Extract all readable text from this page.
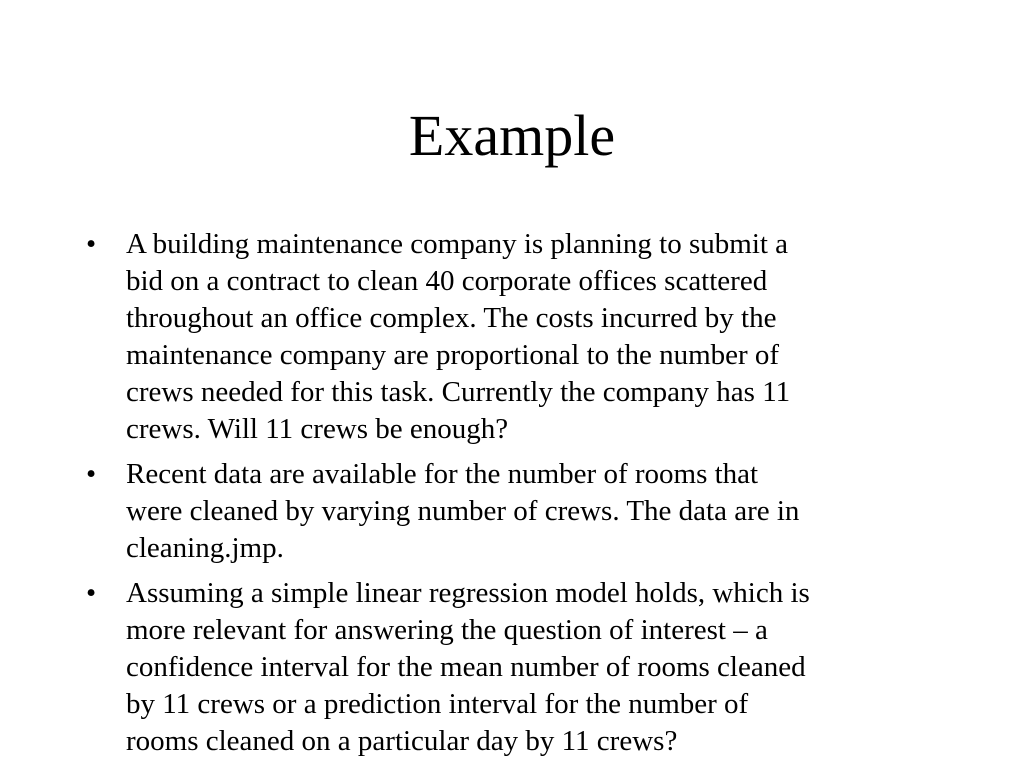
Example
•	A building maintenance company is planning to submit a
bid on a contract to clean 40 corporate offices scattered
throughout an office complex. The costs incurred by the
maintenance company are proportional to the number of
crews needed for this task. Currently the company has 11
crews. Will 11 crews be enough?
•	Recent data are available for the number of rooms that
were cleaned by varying number of crews. The data are in
cleaning.jmp.
•	Assuming a simple linear regression model holds, which is
more relevant for answering the question of interest – a
confidence interval for the mean number of rooms cleaned
by 11 crews or a prediction interval for the number of
rooms cleaned on a particular day by 11 crews?
